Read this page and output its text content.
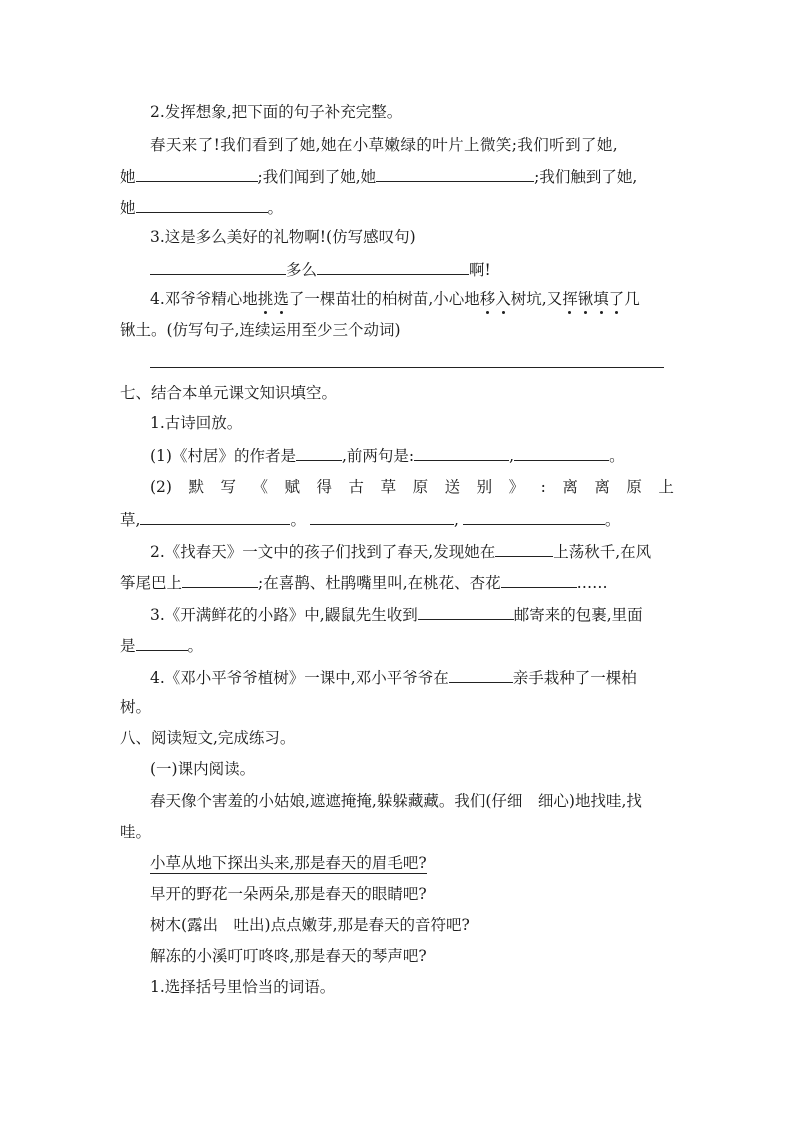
2.发挥想象,把下面的句子补充完整。
春天来了!我们看到了她,她在小草嫩绿的叶片上微笑;我们听到了她,
她	;我们闻到了她,她	;我们触到了她,
她	。
3.这是多么美好的礼物啊!(仿写感叹句)
多么	啊!
4.邓爷爷精心地挑选了一棵苗壮的柏树苗,小心地移入树坑,又挥锹填了几
锹土。(仿写句子,连续运用至少三个动词)
七、结合本单元课文知识填空。
1.古诗回放。
(1)《村居》的作者是	,前两句是:	,	。
(2) 默 写 《 赋 得 古 草 原 送 别 》 : 离 离 原 上
草,	。	,	。
2.《找春天》一文中的孩子们找到了春天,发现她在	上荡秋千,在风
筝尾巴上	;在喜鹊、杜鹃嘴里叫,在桃花、杏花	……
3.《开满鲜花的小路》中,鼹鼠先生收到	邮寄来的包裹,里面
是	。
4.《邓小平爷爷植树》一课中,邓小平爷爷在	亲手栽种了一棵柏
树。
八、阅读短文,完成练习。
(一)课内阅读。
春天像个害羞的小姑娘,遮遮掩掩,躲躲藏藏。我们(仔细　细心)地找哇,找
哇。
小草从地下探出头来,那是春天的眉毛吧?
早开的野花一朵两朵,那是春天的眼睛吧?
树木(露出　吐出)点点嫩芽,那是春天的音符吧?
解冻的小溪叮叮咚咚,那是春天的琴声吧?
1.选择括号里恰当的词语。
